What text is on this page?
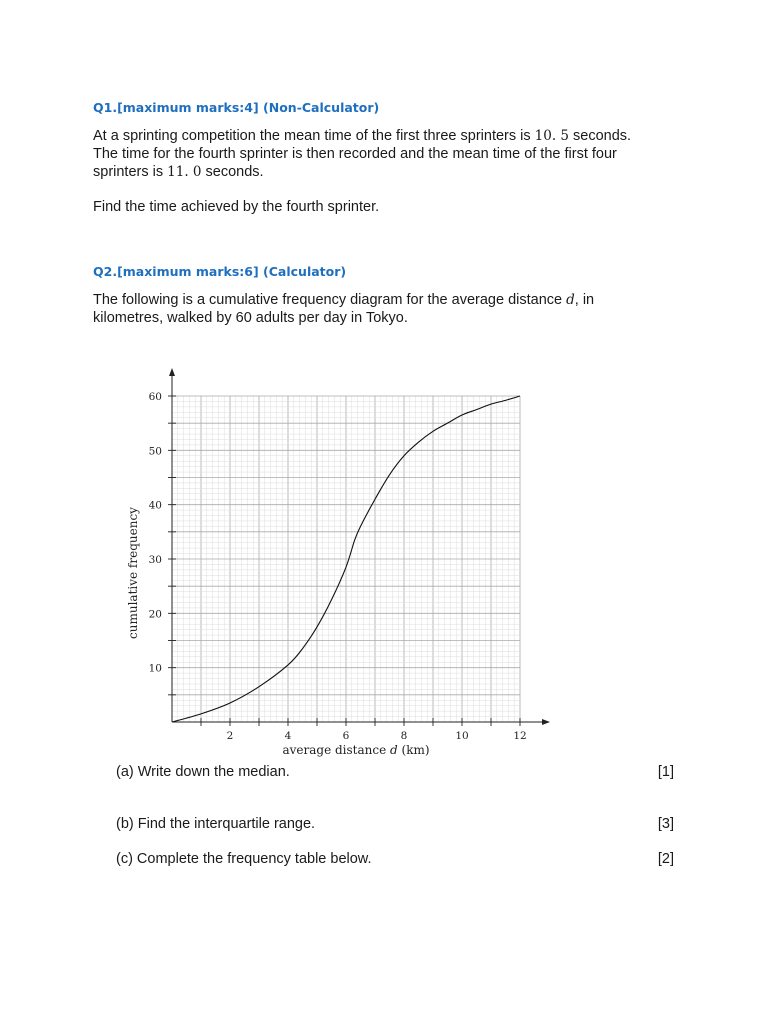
Q1.[maximum marks:4] (Non-Calculator)

At a sprinting competition the mean time of the first three sprinters is 10. 5 seconds.

The time for the fourth sprinter is then recorded and the mean time of the first four

sprinters is 11. 0 seconds.

Find the time achieved by the fourth sprinter.
Q2.[maximum marks:6] (Calculator)

The following is a cumulative frequency diagram for the average distance d, in

kilometres, walked by 60 adults per day in Tokyo.

2	4	6	8	10	12
10
20
30
40
50
60
average distance d (km)
cumulative frequency
(a) Write down the median.	[1]
(b) Find the interquartile range.	[3]
(c) Complete the frequency table below.	[2]
